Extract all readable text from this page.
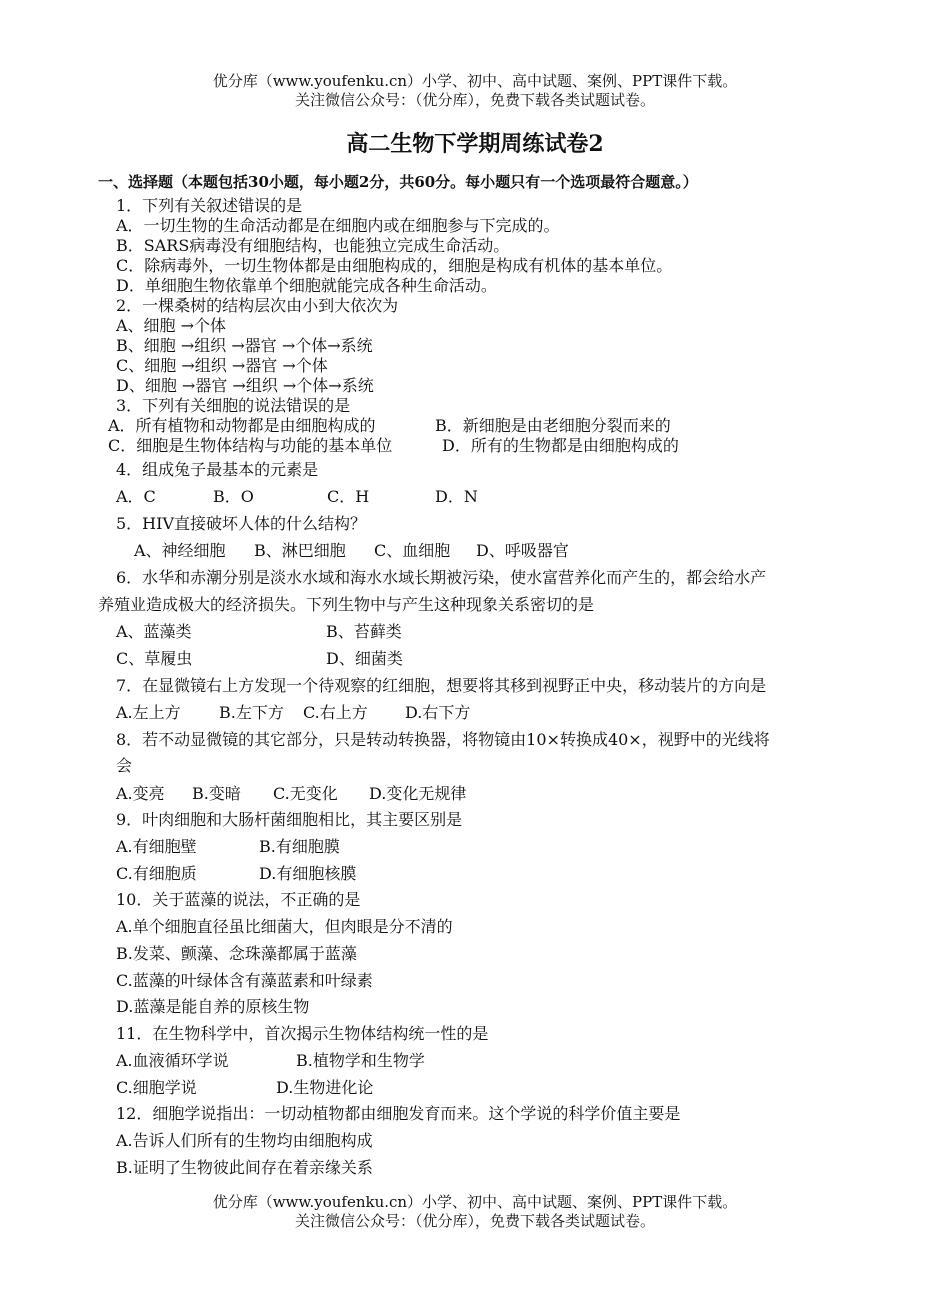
优分库（www.youfenku.cn）小学、初中、高中试题、案例、PPT课件下载。
关注微信公众号：（优分库），免费下载各类试题试卷。
高二生物下学期周练试卷2
一、选择题（本题包括30小题，每小题2分，共60分。每小题只有一个选项最符合题意。）
1．下列有关叙述错误的是
A．一切生物的生命活动都是在细胞内或在细胞参与下完成的。
B．SARS病毒没有细胞结构，也能独立完成生命活动。
C．除病毒外，一切生物体都是由细胞构成的，细胞是构成有机体的基本单位。
D．单细胞生物依靠单个细胞就能完成各种生命活动。
2．一棵桑树的结构层次由小到大依次为
A、细胞 →个体
B、细胞 →组织 →器官 →个体→系统
C、细胞 →组织 →器官 →个体
D、细胞 →器官 →组织 →个体→系统
3．下列有关细胞的说法错误的是
A．所有植物和动物都是由细胞构成的	B．新细胞是由老细胞分裂而来的
C．细胞是生物体结构与功能的基本单位	D．所有的生物都是由细胞构成的
4．组成兔子最基本的元素是
A．C	B．O	C．H	D．N
5．HIV直接破坏人体的什么结构？
A、神经细胞 B、淋巴细胞 C、血细胞 D、呼吸器官
6．水华和赤潮分别是淡水水域和海水水域长期被污染，使水富营养化而产生的，都会给水产
养殖业造成极大的经济损失。下列生物中与产生这种现象关系密切的是
A、蓝藻类	B、苔藓类
C、草履虫	D、细菌类
7．在显微镜右上方发现一个待观察的红细胞，想要将其移到视野正中央，移动装片的方向是
A.左上方 B.左下方 C.右上方 D.右下方
8．若不动显微镜的其它部分，只是转动转换器，将物镜由10×转换成40×，视野中的光线将
会
A.变亮 B.变暗 C.无变化 D.变化无规律
9．叶肉细胞和大肠杆菌细胞相比，其主要区别是
A.有细胞壁	B.有细胞膜
C.有细胞质	D.有细胞核膜
10．关于蓝藻的说法，不正确的是
A.单个细胞直径虽比细菌大，但肉眼是分不清的
B.发菜、颤藻、念珠藻都属于蓝藻
C.蓝藻的叶绿体含有藻蓝素和叶绿素
D.蓝藻是能自养的原核生物
11．在生物科学中，首次揭示生物体结构统一性的是
A.血液循环学说	B.植物学和生物学
C.细胞学说	D.生物进化论
12．细胞学说指出：一切动植物都由细胞发育而来。这个学说的科学价值主要是
A.告诉人们所有的生物均由细胞构成
B.证明了生物彼此间存在着亲缘关系
优分库（www.youfenku.cn）小学、初中、高中试题、案例、PPT课件下载。
关注微信公众号：（优分库），免费下载各类试题试卷。
